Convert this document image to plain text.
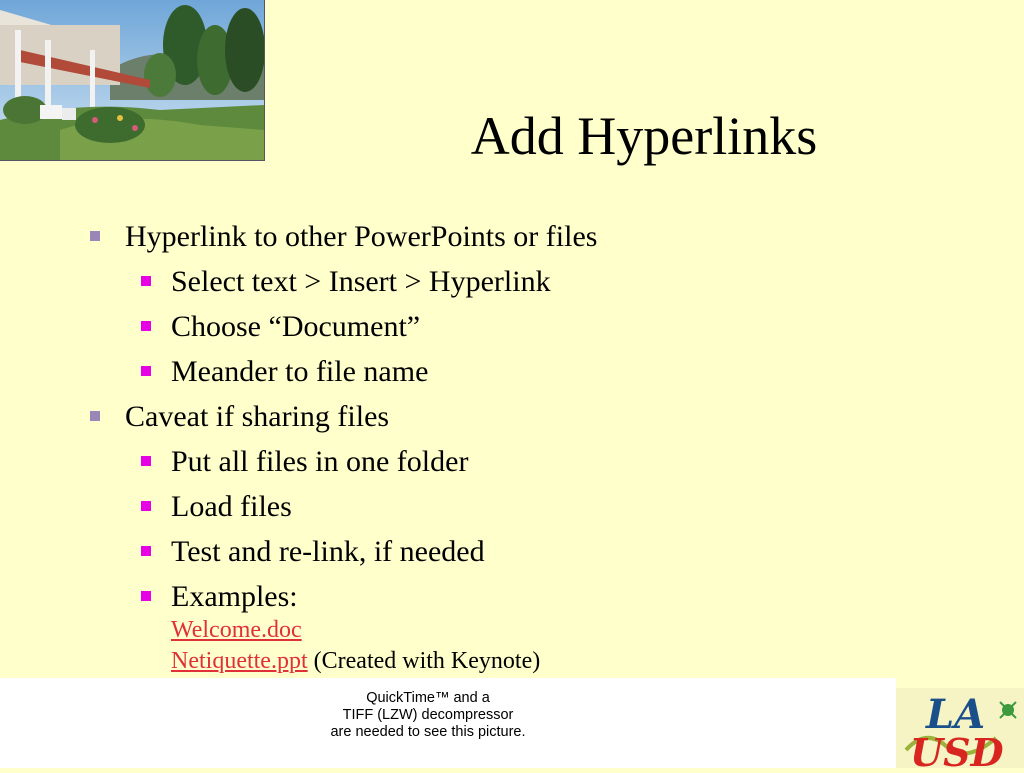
Add Hyperlinks
Hyperlink to other PowerPoints or files
Select text > Insert > Hyperlink
Choose “Document”
Meander to file name
Caveat if sharing files
Put all files in one folder
Load files
Test and re-link, if needed
Examples:
Welcome.doc
Netiquette.ppt (Created with Keynote)
QuickTime™ and a
TIFF (LZW) decompressor
are needed to see this picture.	LA
USD
